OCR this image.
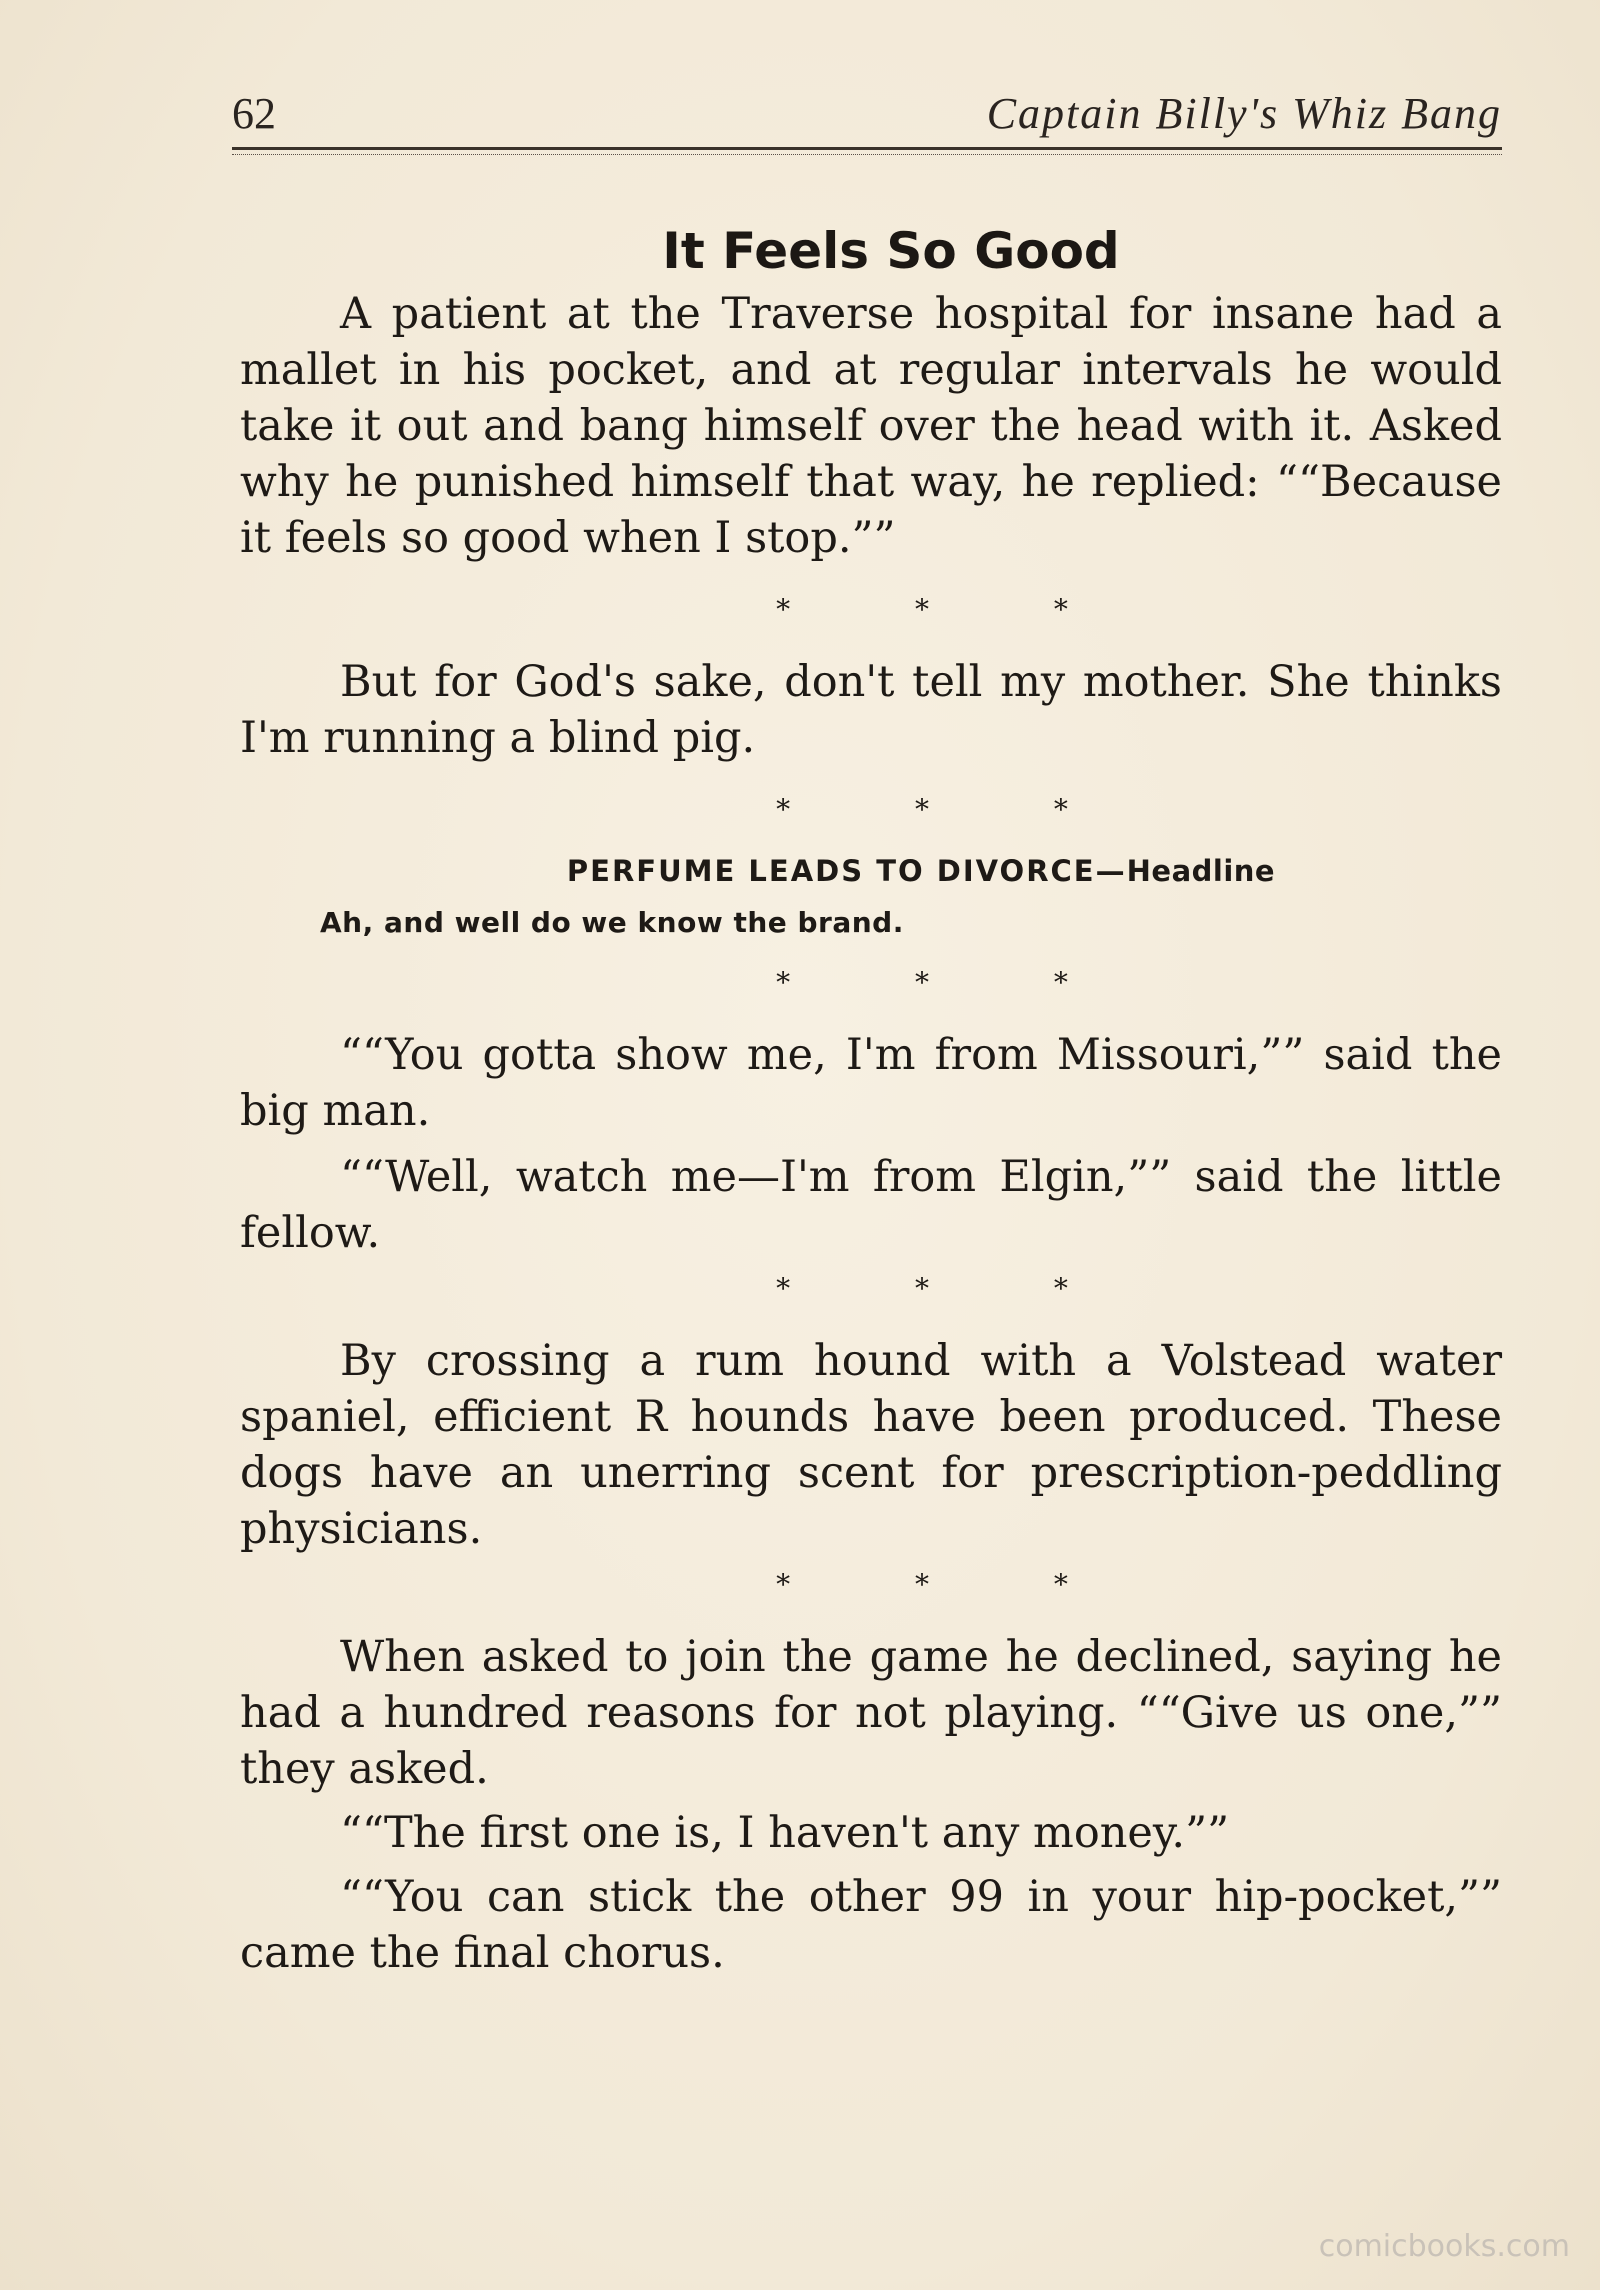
62	Captain Billy's Whiz Bang
It Feels So Good

A patient at the Traverse hospital for insane had a mallet in his pocket, and at regular intervals he would take it out and bang himself over the head with it. Asked why he punished himself that way, he replied: ““Because it feels so good when I stop.””

* * *

But for God's sake, don't tell my mother. She thinks I'm running a blind pig.

* * *
PERFUME LEADS TO DIVORCE—Headline
Ah, and well do we know the brand.
* * *

““You gotta show me, I'm from Missouri,”” said the big man.

““Well, watch me—I'm from Elgin,”” said the little fellow.

* * *

By crossing a rum hound with a Volstead water spaniel, efficient R hounds have been produced. These dogs have an unerring scent for prescription-peddling physicians.

* * *

When asked to join the game he declined, saying he had a hundred reasons for not playing. ““Give us one,”” they asked.

““The first one is, I haven't any money.””

““You can stick the other 99 in your hip-pocket,”” came the final chorus.

comicbooks.com
